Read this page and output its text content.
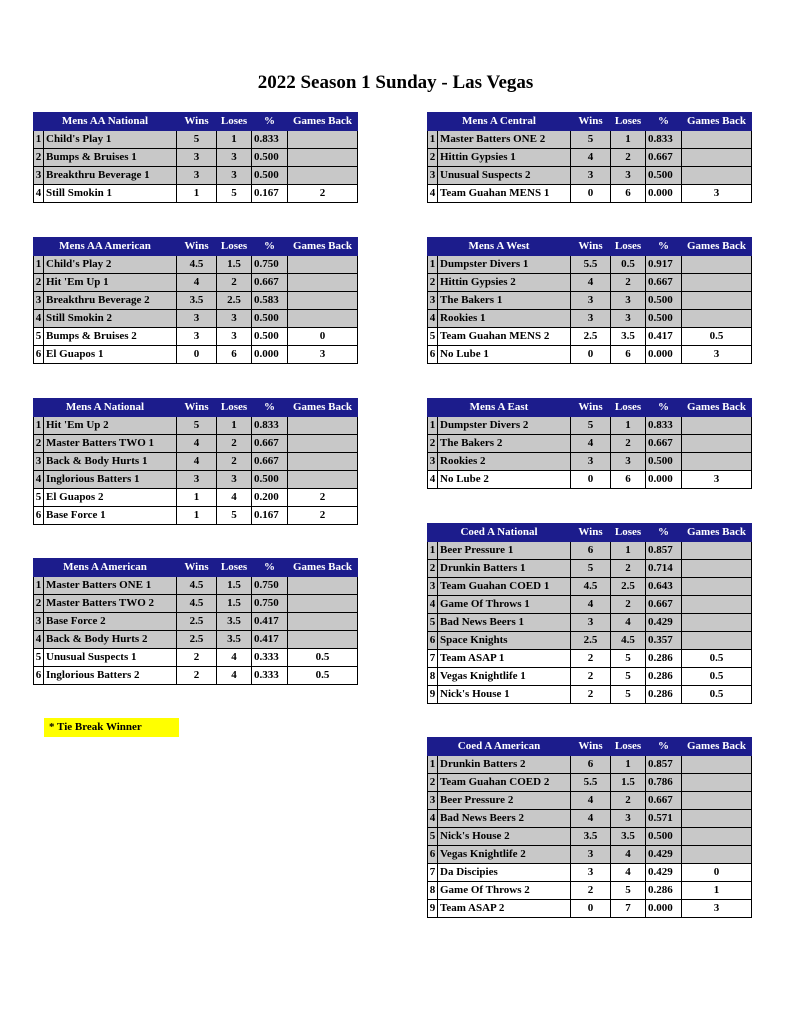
2022 Season 1 Sunday - Las Vegas
Mens AA National		Wins	Loses	%	Games Back
1	Child's Play 1	5	1	0.833	
2	Bumps & Bruises 1	3	3	0.500	
3	Breakthru Beverage 1	3	3	0.500	
4	Still Smokin 1	1	5	0.167	2
Mens A Central		Wins	Loses	%	Games Back
1	Master Batters ONE 2	5	1	0.833	
2	Hittin Gypsies 1	4	2	0.667	
3	Unusual Suspects 2	3	3	0.500	
4	Team Guahan MENS 1	0	6	0.000	3
Mens AA American		Wins	Loses	%	Games Back
1	Child's Play 2	4.5	1.5	0.750	
2	Hit 'Em Up 1	4	2	0.667	
3	Breakthru Beverage 2	3.5	2.5	0.583	
4	Still Smokin 2	3	3	0.500	
5	Bumps & Bruises 2	3	3	0.500	0
6	El Guapos 1	0	6	0.000	3
Mens A West		Wins	Loses	%	Games Back
1	Dumpster Divers 1	5.5	0.5	0.917	
2	Hittin Gypsies 2	4	2	0.667	
3	The Bakers 1	3	3	0.500	
4	Rookies 1	3	3	0.500	
5	Team Guahan MENS 2	2.5	3.5	0.417	0.5
6	No Lube 1	0	6	0.000	3
Mens A National		Wins	Loses	%	Games Back
1	Hit 'Em Up 2	5	1	0.833	
2	Master Batters TWO 1	4	2	0.667	
3	Back & Body Hurts 1	4	2	0.667	
4	Inglorious Batters 1	3	3	0.500	
5	El Guapos 2	1	4	0.200	2
6	Base Force 1	1	5	0.167	2
Mens A East		Wins	Loses	%	Games Back
1	Dumpster Divers 2	5	1	0.833	
2	The Bakers 2	4	2	0.667	
3	Rookies 2	3	3	0.500	
4	No Lube 2	0	6	0.000	3
Coed A National		Wins	Loses	%	Games Back
1	Beer Pressure 1	6	1	0.857	
2	Drunkin Batters 1	5	2	0.714	
3	Team Guahan COED 1	4.5	2.5	0.643	
4	Game Of Throws 1	4	2	0.667	
5	Bad News Beers 1	3	4	0.429	
6	Space Knights	2.5	4.5	0.357	
7	Team ASAP 1	2	5	0.286	0.5
8	Vegas Knightlife 1	2	5	0.286	0.5
9	Nick's House 1	2	5	0.286	0.5
Mens A American		Wins	Loses	%	Games Back
1	Master Batters ONE 1	4.5	1.5	0.750	
2	Master Batters TWO 2	4.5	1.5	0.750	
3	Base Force 2	2.5	3.5	0.417	
4	Back & Body Hurts 2	2.5	3.5	0.417	
5	Unusual Suspects 1	2	4	0.333	0.5
6	Inglorious Batters 2	2	4	0.333	0.5
Coed A American		Wins	Loses	%	Games Back
1	Drunkin Batters 2	6	1	0.857	
2	Team Guahan COED 2	5.5	1.5	0.786	
3	Beer Pressure 2	4	2	0.667	
4	Bad News Beers 2	4	3	0.571	
5	Nick's House 2	3.5	3.5	0.500	
6	Vegas Knightlife 2	3	4	0.429	
7	Da Discipies	3	4	0.429	0
8	Game Of Throws 2	2	5	0.286	1
9	Team ASAP 2	0	7	0.000	3
* Tie Break Winner
